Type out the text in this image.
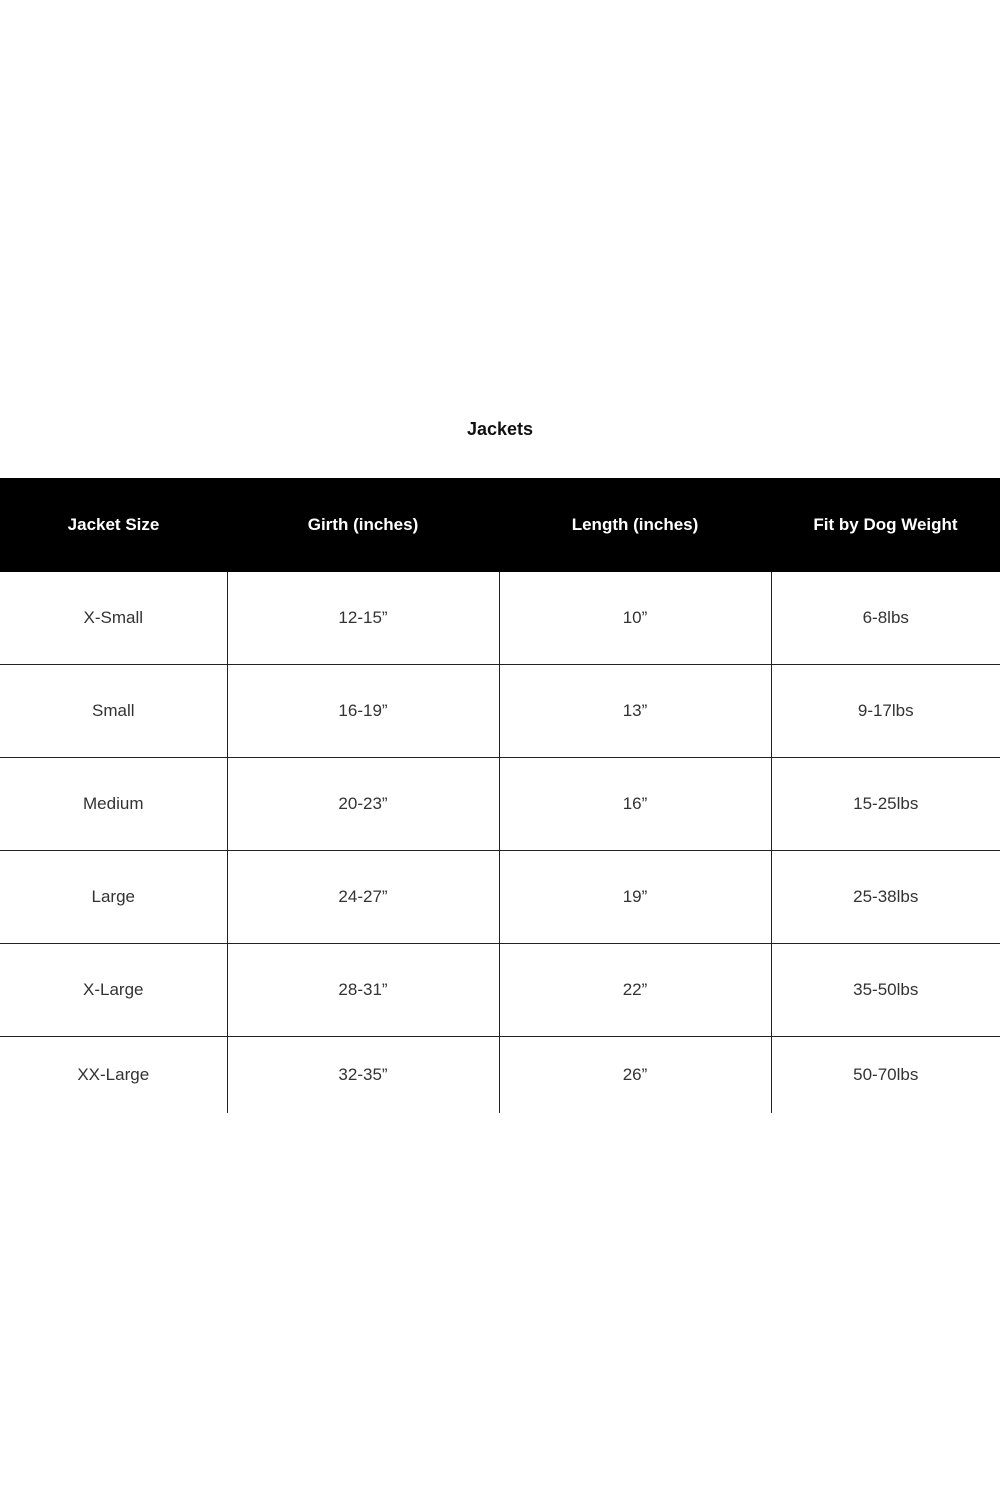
Jackets
Jacket Size	Girth (inches)	Length (inches)	Fit by Dog Weight
X-Small	12-15”	10”	6-8lbs
Small	16-19”	13”	9-17lbs
Medium	20-23”	16”	15-25lbs
Large	24-27”	19”	25-38lbs
X-Large	28-31”	22”	35-50lbs
XX-Large	32-35”	26”	50-70lbs
